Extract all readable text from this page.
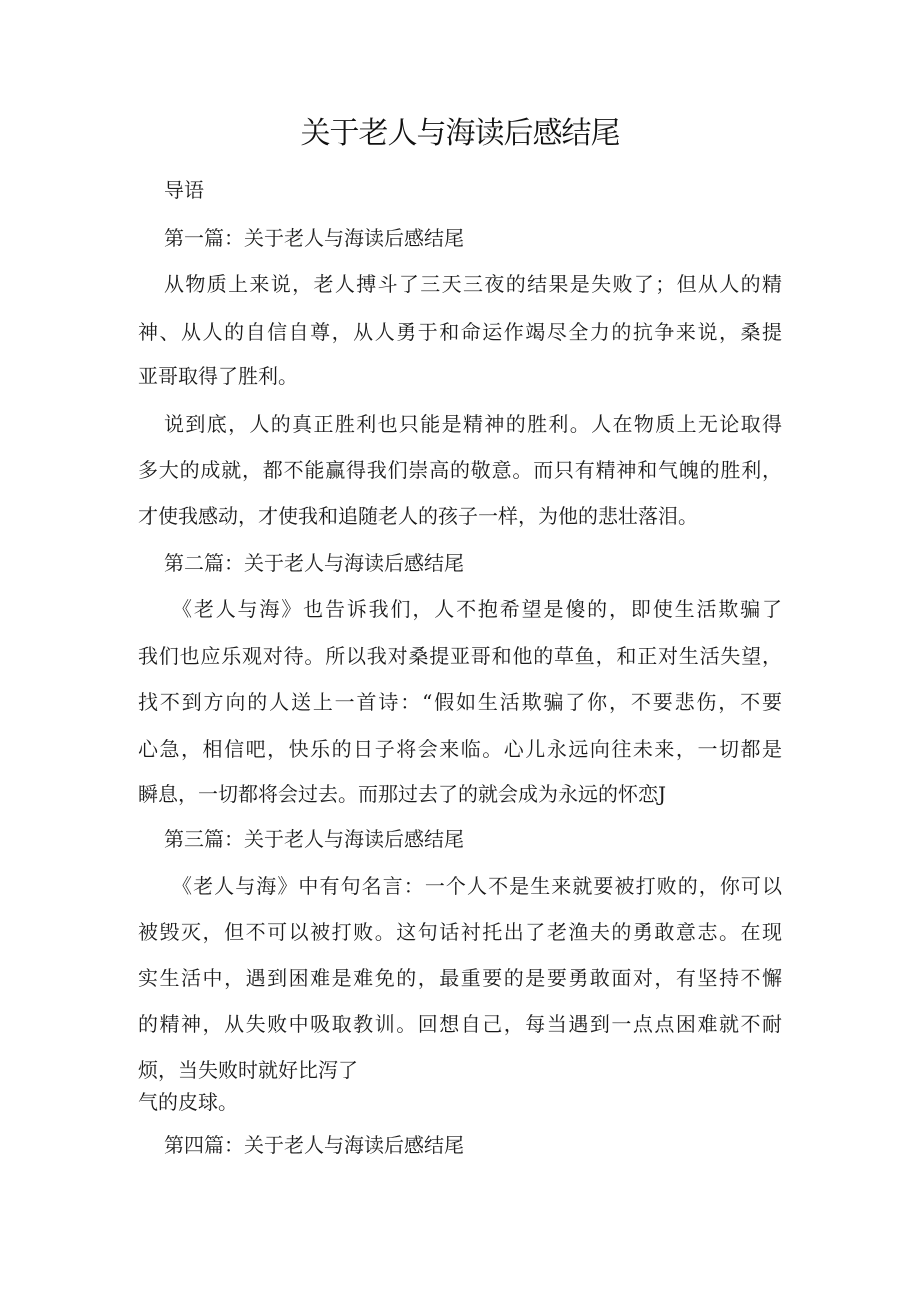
关于老人与海读后感结尾

导语

第一篇：关于老人与海读后感结尾

从物质上来说，老人搏斗了三天三夜的结果是失败了；但从人的精

神、从人的自信自尊，从人勇于和命运作竭尽全力的抗争来说，桑提

亚哥取得了胜利。

说到底，人的真正胜利也只能是精神的胜利。人在物质上无论取得

多大的成就，都不能赢得我们崇高的敬意。而只有精神和气魄的胜利，

才使我感动，才使我和追随老人的孩子一样，为他的悲壮落泪。

第二篇：关于老人与海读后感结尾

《老人与海》也告诉我们，人不抱希望是傻的，即使生活欺骗了

我们也应乐观对待。所以我对桑提亚哥和他的草鱼，和正对生活失望，

找不到方向的人送上一首诗：“假如生活欺骗了你，不要悲伤，不要

心急，相信吧，快乐的日子将会来临。心儿永远向往未来，一切都是

瞬息，一切都将会过去。而那过去了的就会成为永远的怀恋J

第三篇：关于老人与海读后感结尾

《老人与海》中有句名言：一个人不是生来就要被打败的，你可以

被毁灭，但不可以被打败。这句话衬托出了老渔夫的勇敢意志。在现

实生活中，遇到困难是难免的，最重要的是要勇敢面对，有坚持不懈

的精神，从失败中吸取教训。回想自己，每当遇到一点点困难就不耐

烦，当失败时就好比泻了

气的皮球。

第四篇：关于老人与海读后感结尾
